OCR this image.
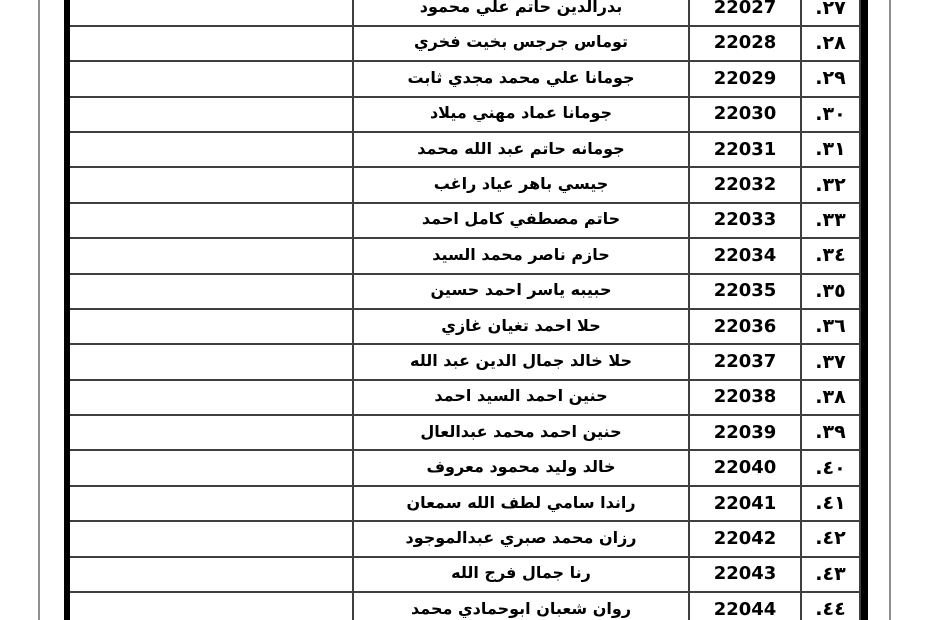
بدرالدين حاتم علي محمود	22027 ٢٧.
توماس جرجس بخيت فخري	22028 ٢٨.
جومانا علي محمد مجدي ثابت	22029 ٢٩.
جومانا عماد مهني ميلاد	22030 ٣٠.
جومانه حاتم عبد الله محمد	22031 ٣١.
جيسي باهر عياد راغب	22032 ٣٢.
حاتم مصطفي كامل احمد	22033 ٣٣.
حازم ناصر محمد السيد	22034 ٣٤.
حبيبه ياسر احمد حسين	22035 ٣٥.
حلا احمد تغيان غازي	22036 ٣٦.
حلا خالد جمال الدين عبد الله	22037 ٣٧.
حنين احمد السيد احمد	22038 ٣٨.
حنين احمد محمد عبدالعال	22039 ٣٩.
خالد وليد محمود معروف	22040 ٤٠.
راندا سامي لطف الله سمعان	22041 ٤١.
رزان محمد صبري عبدالموجود	22042 ٤٢.
رنا جمال فرج الله	22043 ٤٣.
روان شعبان ابوحمادي محمد	22044 ٤٤.
